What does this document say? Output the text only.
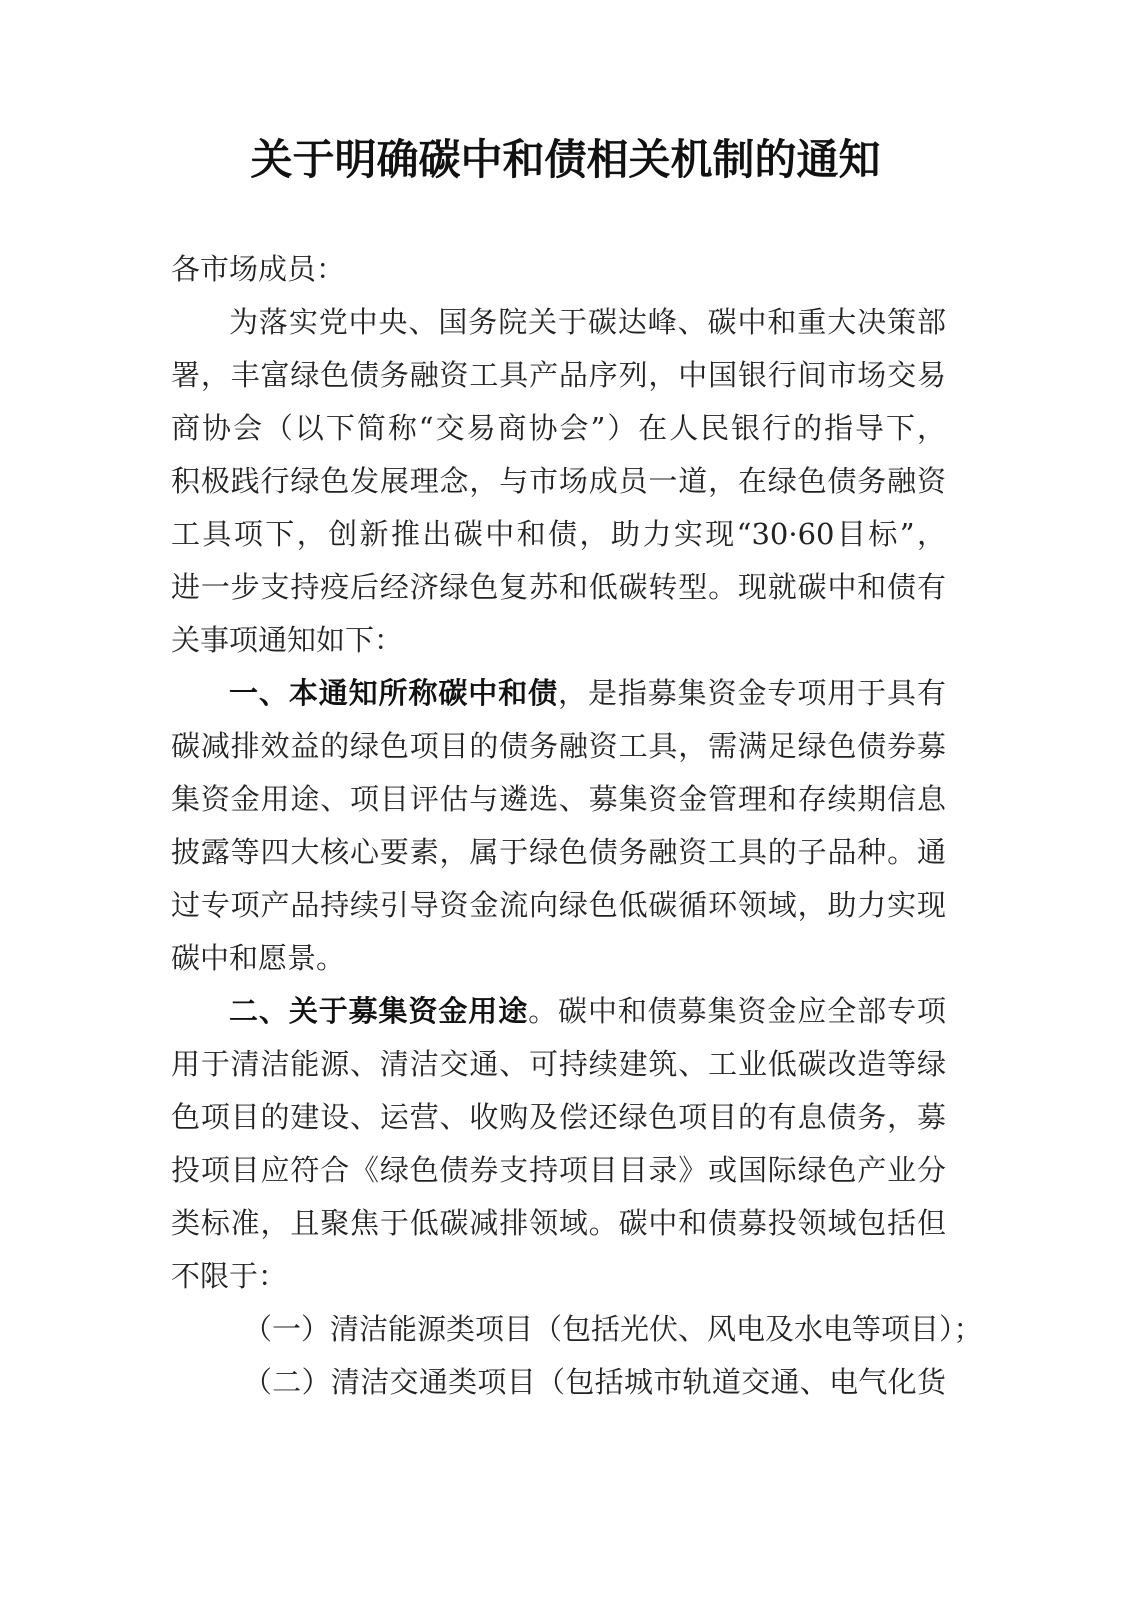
关于明确碳中和债相关机制的通知
各市场成员：
为落实党中央、国务院关于碳达峰、碳中和重大决策部
署，丰富绿色债务融资工具产品序列，中国银行间市场交易
商协会（以下简称“交易商协会”）在人民银行的指导下，
积极践行绿色发展理念，与市场成员一道，在绿色债务融资
工具项下，创新推出碳中和债，助力实现“30·60目标”，
进一步支持疫后经济绿色复苏和低碳转型。现就碳中和债有
关事项通知如下：
一、本通知所称碳中和债，是指募集资金专项用于具有
碳减排效益的绿色项目的债务融资工具，需满足绿色债券募
集资金用途、项目评估与遴选、募集资金管理和存续期信息
披露等四大核心要素，属于绿色债务融资工具的子品种。通
过专项产品持续引导资金流向绿色低碳循环领域，助力实现
碳中和愿景。
二、关于募集资金用途。碳中和债募集资金应全部专项
用于清洁能源、清洁交通、可持续建筑、工业低碳改造等绿
色项目的建设、运营、收购及偿还绿色项目的有息债务，募
投项目应符合《绿色债券支持项目目录》或国际绿色产业分
类标准，且聚焦于低碳减排领域。碳中和债募投领域包括但
不限于：
（一）清洁能源类项目（包括光伏、风电及水电等项目）；
（二）清洁交通类项目（包括城市轨道交通、电气化货
